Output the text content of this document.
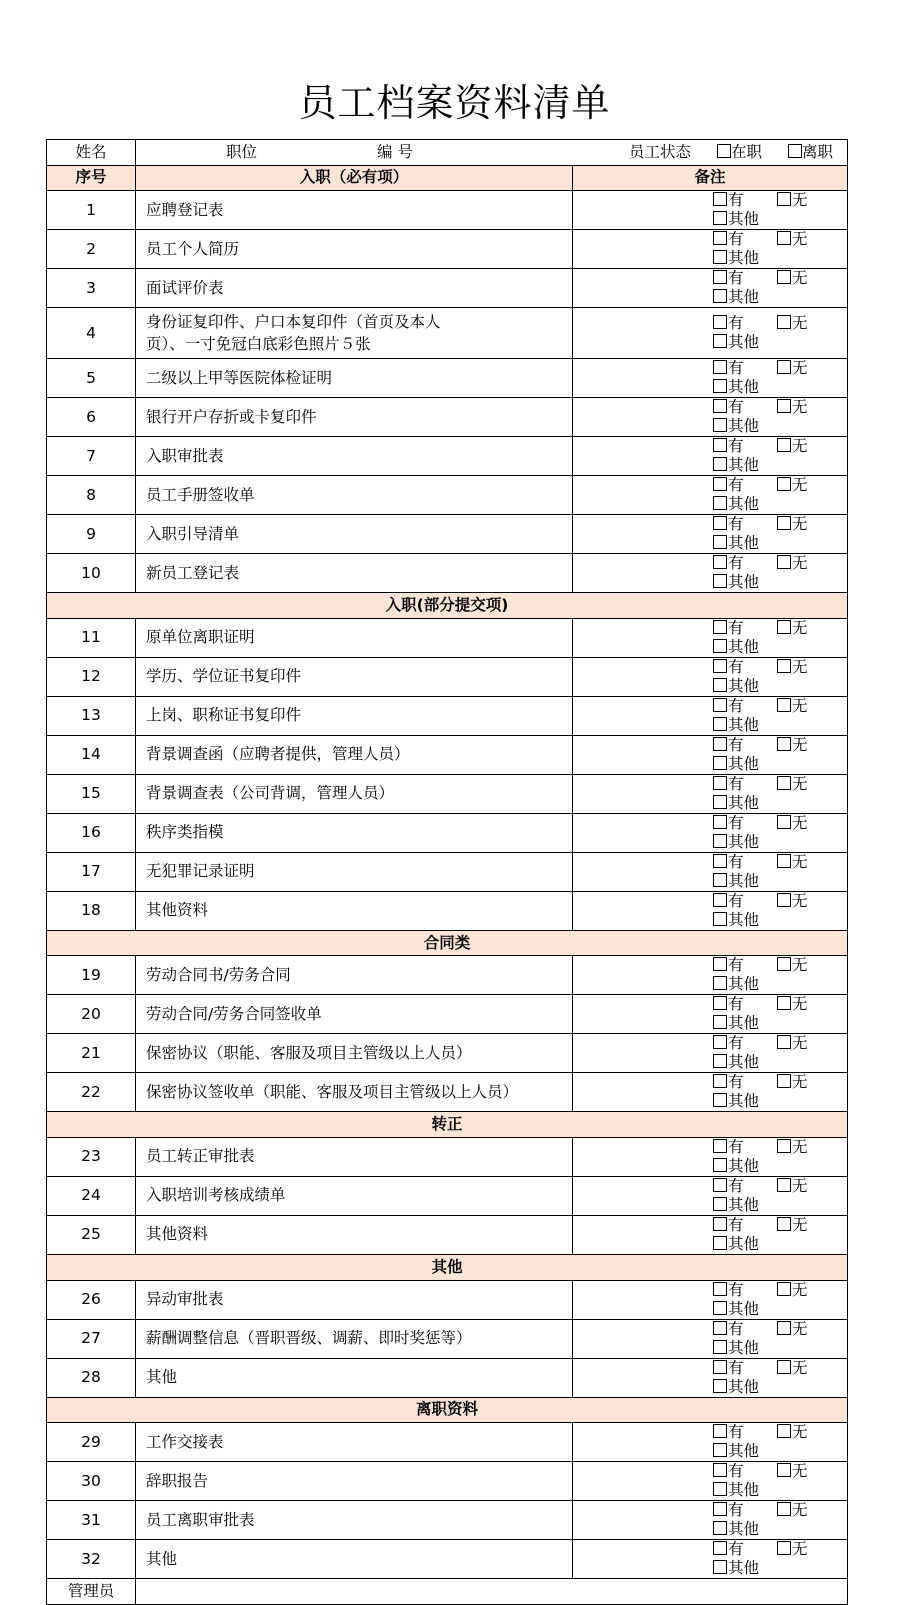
员工档案资料清单
姓名	职位 编 号 员工状态 在职 离职	

序号	入职（必有项）	备注
1	应聘登记表	有 无其他
2	员工个人简历	有 无其他
3	面试评价表	有 无其他
4	身份证复印件、户口本复印件（首页及本人页）、一寸免冠白底彩色照片５张	有 无其他
5	二级以上甲等医院体检证明	有 无其他
6	银行开户存折或卡复印件	有 无其他
7	入职审批表	有 无其他
8	员工手册签收单	有 无其他
9	入职引导清单	有 无其他
10	新员工登记表	有 无其他
入职(部分提交项)		
11	原单位离职证明	有 无其他
12	学历、学位证书复印件	有 无其他
13	上岗、职称证书复印件	有 无其他
14	背景调查函（应聘者提供，管理人员）	有 无其他
15	背景调查表（公司背调，管理人员）	有 无其他
16	秩序类指模	有 无其他
17	无犯罪记录证明	有 无其他
18	其他资料	有 无其他
合同类		
19	劳动合同书/劳务合同	有 无其他
20	劳动合同/劳务合同签收单	有 无其他
21	保密协议（职能、客服及项目主管级以上人员）	有 无其他
22	保密协议签收单（职能、客服及项目主管级以上人员）	有 无其他
转正		
23	员工转正审批表	有 无其他
24	入职培训考核成绩单	有 无其他
25	其他资料	有 无其他
其他		
26	异动审批表	有 无其他
27	薪酬调整信息（晋职晋级、调薪、即时奖惩等）	有 无其他
28	其他	有 无其他
离职资料		
29	工作交接表	有 无其他
30	辞职报告	有 无其他
31	员工离职审批表	有 无其他
32	其他	有 无其他
管理员		
